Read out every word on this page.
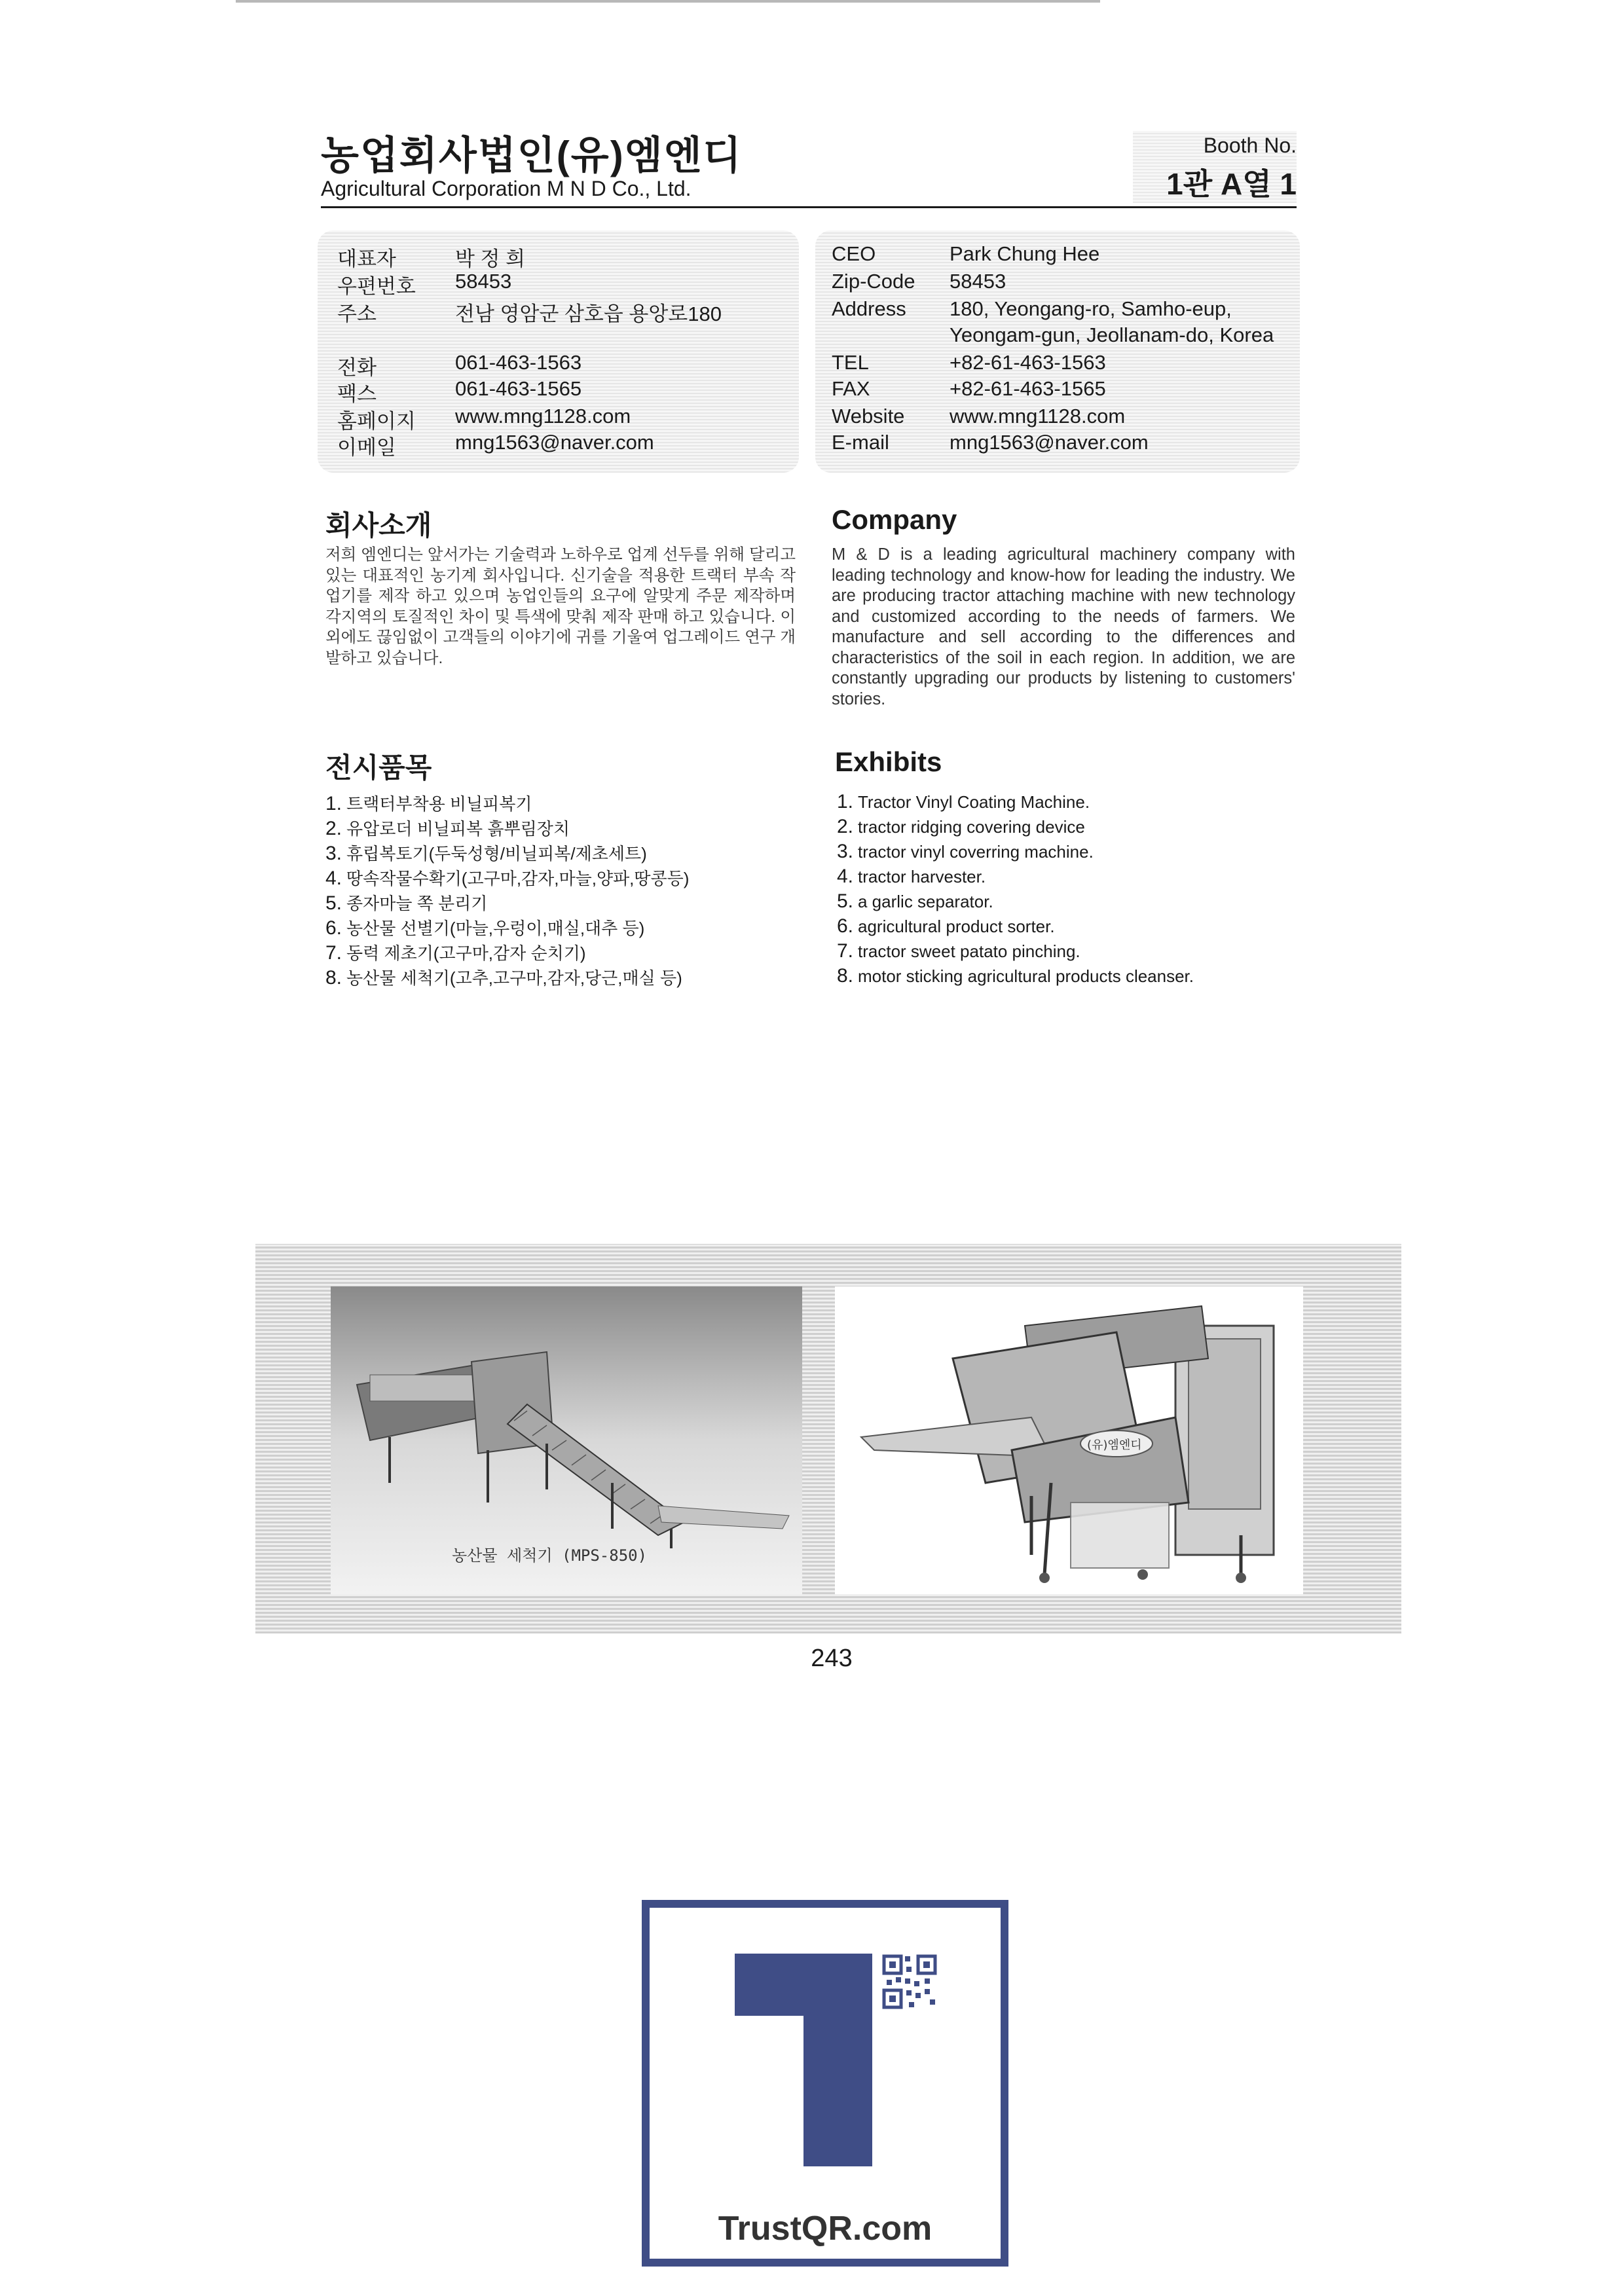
농업회사법인(유)엠엔디
Agricultural Corporation M N D Co., Ltd.
Booth No.
1관 A열 1
대표자	박 정 희
우편번호	58453
주소	전남 영암군 삼호읍 용앙로180
전화	061-463-1563
팩스	061-463-1565
홈페이지	www.mng1128.com
이메일	mng1563@naver.com
CEO	Park Chung Hee
Zip-Code	58453
Address	180, Yeongang-ro, Samho-eup,
Yeongam-gun, Jeollanam-do, Korea
TEL	+82-61-463-1563
FAX	+82-61-463-1565
Website	www.mng1128.com
E-mail	mng1563@naver.com
회사소개	Company
저희 엠엔디는 앞서가는 기술력과 노하우로 업계 선두를 위해 달리고 있는 대표적인 농기계 회사입니다. 신기술을 적용한 트랙터 부속 작업기를 제작 하고 있으며 농업인들의 요구에 알맞게 주문 제작하며 각지역의 토질적인 차이 및 특색에 맞춰 제작 판매 하고 있습니다. 이외에도 끊임없이 고객들의 이야기에 귀를 기울여 업그레이드 연구 개발하고 있습니다.
M & D is a leading agricultural machinery company with leading technology and know-how for leading the industry. We are producing tractor attaching machine with new technology and customized according to the needs of farmers. We manufacture and sell according to the differences and characteristics of the soil in each region. In addition, we are constantly upgrading our products by listening to customers' stories.
전시품목	Exhibits
1. 트랙터부착용 비닐피복기
2. 유압로더 비닐피복 흙뿌림장치
3. 휴립복토기(두둑성형/비닐피복/제초세트)
4. 땅속작물수확기(고구마,감자,마늘,양파,땅콩등)
5. 종자마늘 쪽 분리기
6. 농산물 선별기(마늘,우렁이,매실,대추 등)
7. 동력 제초기(고구마,감자 순치기)
8. 농산물 세척기(고추,고구마,감자,당근,매실 등)
1. Tractor Vinyl Coating Machine.
2. tractor ridging covering device
3. tractor vinyl coverring machine.
4. tractor harvester.
5. a garlic separator.
6. agricultural product sorter.
7. tractor sweet patato pinching.
8. motor sticking agricultural products cleanser.
농산물 세척기 (MPS-850)
(유)엠엔디
243
TrustQR.com
